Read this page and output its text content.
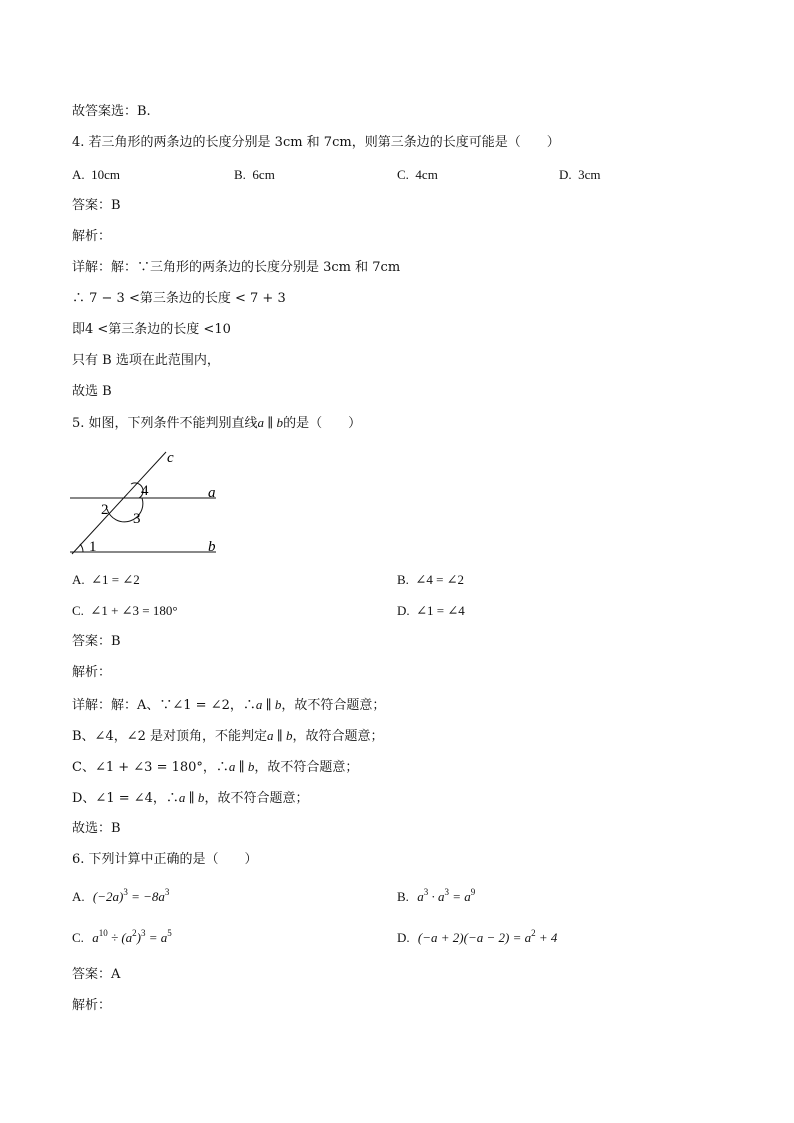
故答案选：B.
4. 若三角形的两条边的长度分别是 3cm 和 7cm，则第三条边的长度可能是（　　）
A. 10cm	B. 6cm	C. 4cm	D. 3cm
答案：B
解析：
详解：解：∵三角形的两条边的长度分别是 3cm 和 7cm
∴ 7 − 3 <第三条边的长度 < 7 + 3
即4 <第三条边的长度 <10
只有 B 选项在此范围内，
故选 B
5. 如图，下列条件不能判别直线a ∥ b的是（　　）
c
a
b
4
2
3
1
A. ∠1 = ∠2	B. ∠4 = ∠2
C. ∠1 + ∠3 = 180°	D. ∠1 = ∠4
答案：B
解析：
详解：解：A、∵∠1 = ∠2，∴a ∥ b，故不符合题意；
B、∠4，∠2 是对顶角，不能判定a ∥ b，故符合题意；
C、∠1 + ∠3 = 180°，∴a ∥ b，故不符合题意；
D、∠1 = ∠4，∴a ∥ b，故不符合题意；
故选：B
6. 下列计算中正确的是（　　）
A. $(-2a)^3 = -8a^3$	B. $a^3 \cdot a^3 = a^9$
C. $a^{10} \div (a^2)^3 = a^5$	D. $(-a + 2)(-a - 2) = a^2 + 4$
答案：A
解析：
